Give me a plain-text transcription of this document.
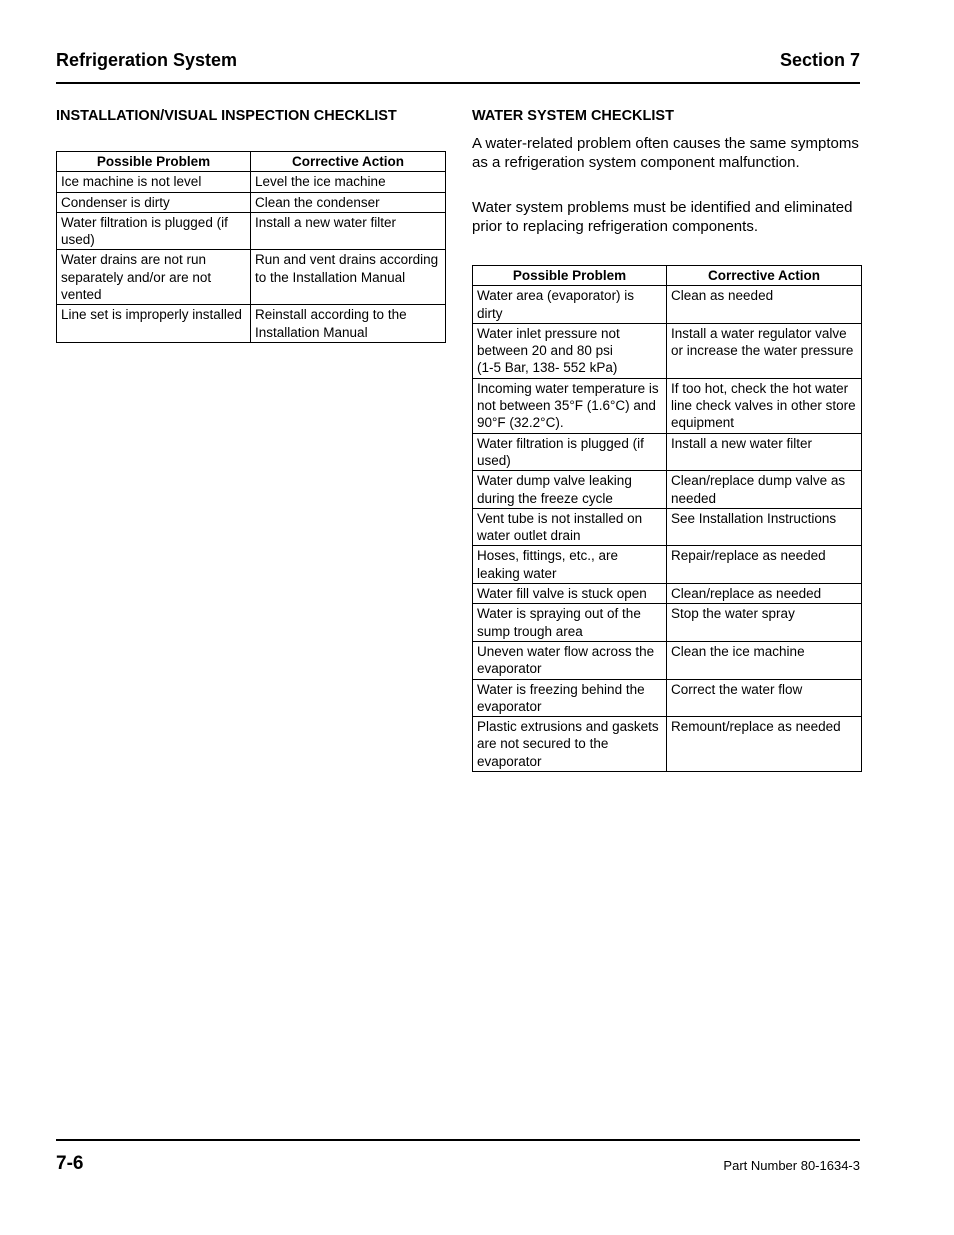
Refrigeration System	Section 7
INSTALLATION/VISUAL INSPECTION CHECKLIST
Possible Problem	Corrective Action
Ice machine is not level	Level the ice machine
Condenser is dirty	Clean the condenser
Water filtration is plugged (if used)	Install a new water filter
Water drains are not run separately and/or are not vented	Run and vent drains according to the Installation Manual
Line set is improperly installed	Reinstall according to the Installation Manual
WATER SYSTEM CHECKLIST

A water-related problem often causes the same symptoms as a refrigeration system component malfunction.

Water system problems must be identified and eliminated prior to replacing refrigeration components.

Possible Problem	Corrective Action
Water area (evaporator) is dirty	Clean as needed
Water inlet pressure not between 20 and 80 psi
(1-5 Bar, 138- 552 kPa)	Install a water regulator valve or increase the water pressure
Incoming water temperature is not between 35°F (1.6°C) and 90°F (32.2°C).	If too hot, check the hot water line check valves in other store equipment
Water filtration is plugged (if used)	Install a new water filter
Water dump valve leaking during the freeze cycle	Clean/replace dump valve as needed
Vent tube is not installed on water outlet drain	See Installation Instructions
Hoses, fittings, etc., are leaking water	Repair/replace as needed
Water fill valve is stuck open	Clean/replace as needed
Water is spraying out of the sump trough area	Stop the water spray
Uneven water flow across the evaporator	Clean the ice machine
Water is freezing behind the evaporator	Correct the water flow
Plastic extrusions and gaskets are not secured to the evaporator	Remount/replace as needed
7-6	Part Number 80-1634-3
